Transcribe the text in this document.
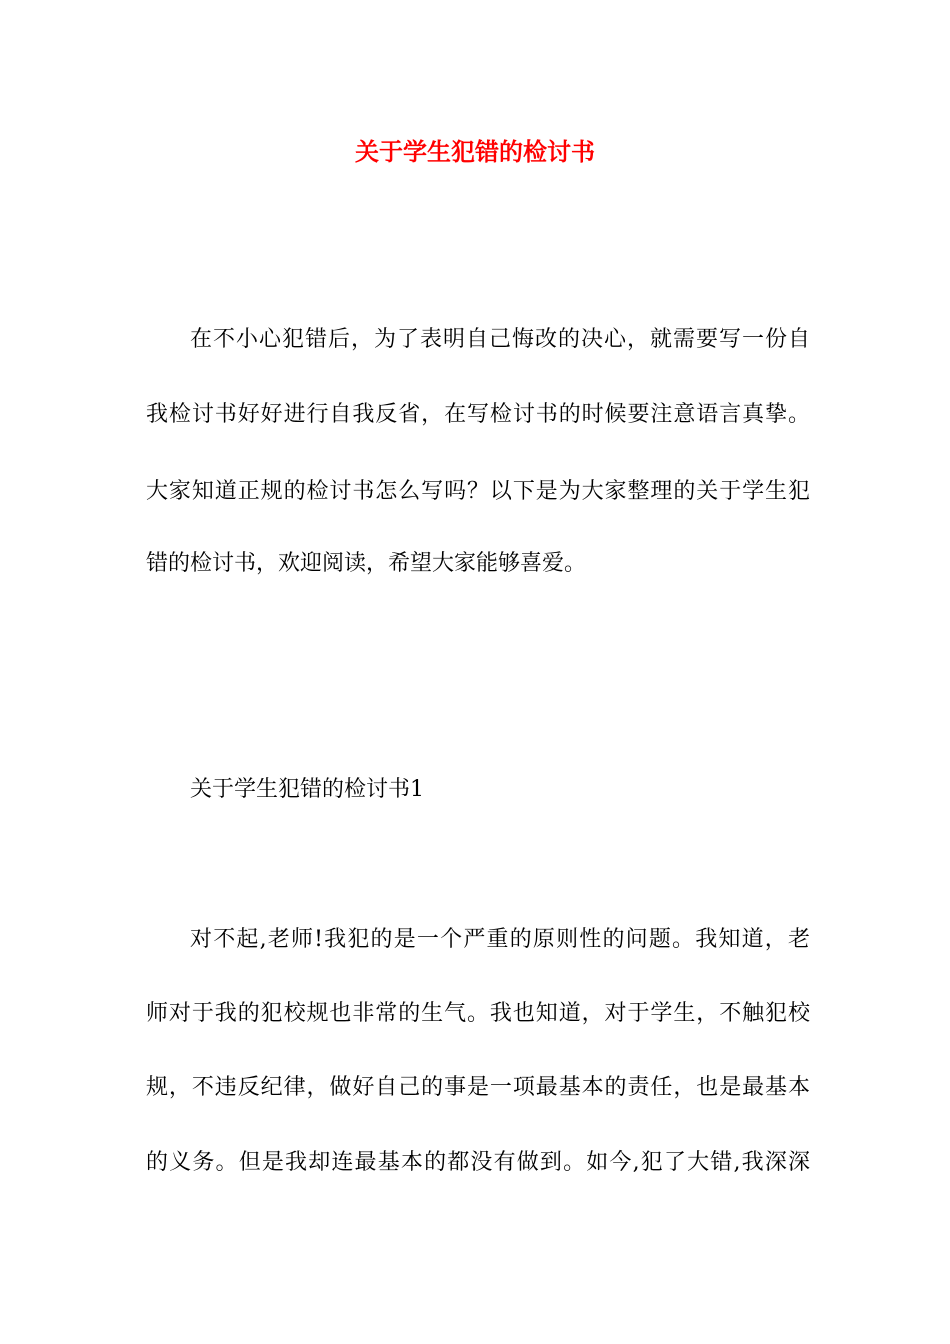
关于学生犯错的检讨书
在不小心犯错后，为了表明自己悔改的决心，就需要写一份自
我检讨书好好进行自我反省，在写检讨书的时候要注意语言真挚。
大家知道正规的检讨书怎么写吗？以下是为大家整理的关于学生犯
错的检讨书，欢迎阅读，希望大家能够喜爱。
关于学生犯错的检讨书1
对不起,老师!我犯的是一个严重的原则性的问题。我知道，老
师对于我的犯校规也非常的生气。我也知道，对于学生，不触犯校
规，不违反纪律，做好自己的事是一项最基本的责任，也是最基本
的义务。但是我却连最基本的都没有做到。如今,犯了大错,我深深
